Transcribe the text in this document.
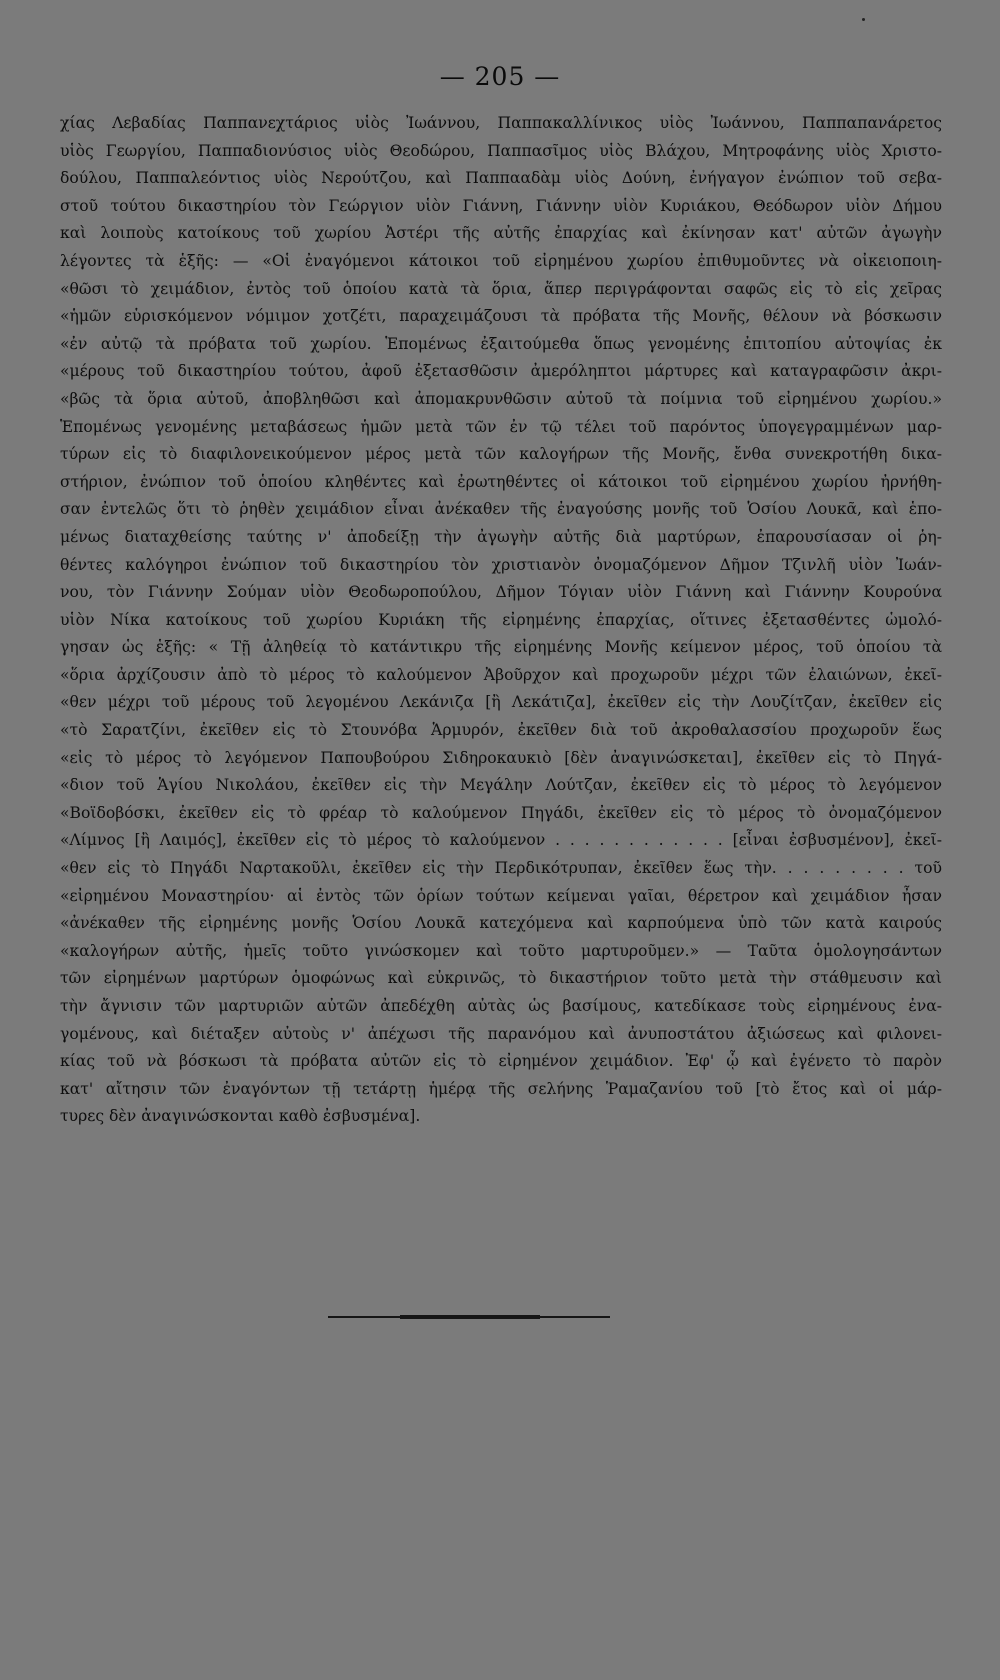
— 205 —
χίας Λεβαδίας Παππανεχτάριος υἱὸς Ἰωάννου, Παππακαλλίνικος υἱὸς Ἰωάννου, Παππαπανάρετος
υἱὸς Γεωργίου, Παππαδιονύσιος υἱὸς Θεοδώρου, Παππασῖμος υἱὸς Βλάχου, Μητροφάνης υἱὸς Χριστο-
δούλου, Παππαλεόντιος υἱὸς Νερούτζου, καὶ Παππααδὰμ υἱὸς Δούνη, ἐνήγαγον ἐνώπιον τοῦ σεβα-
στοῦ τούτου δικαστηρίου τὸν Γεώργιον υἱὸν Γιάννη, Γιάννην υἱὸν Κυριάκου, Θεόδωρον υἱὸν Δήμου
καὶ λοιποὺς κατοίκους τοῦ χωρίου Ἀστέρι τῆς αὐτῆς ἐπαρχίας καὶ ἐκίνησαν κατ' αὐτῶν ἀγωγὴν
λέγοντες τὰ ἑξῆς: — «Οἱ ἐναγόμενοι κάτοικοι τοῦ εἰρημένου χωρίου ἐπιθυμοῦντες νὰ οἰκειοποιη-
«θῶσι τὸ χειμάδιον, ἐντὸς τοῦ ὁποίου κατὰ τὰ ὅρια, ἅπερ περιγράφονται σαφῶς εἰς τὸ εἰς χεῖρας
«ἡμῶν εὑρισκόμενον νόμιμον χοτζέτι, παραχειμάζουσι τὰ πρόβατα τῆς Μονῆς, θέλουν νὰ βόσκωσιν
«ἐν αὐτῷ τὰ πρόβατα τοῦ χωρίου. Ἑπομένως ἐξαιτούμεθα ὅπως γενομένης ἐπιτοπίου αὐτοψίας ἐκ
«μέρους τοῦ δικαστηρίου τούτου, ἀφοῦ ἐξετασθῶσιν ἀμερόληπτοι μάρτυρες καὶ καταγραφῶσιν ἀκρι-
«βῶς τὰ ὅρια αὐτοῦ, ἀποβληθῶσι καὶ ἀπομακρυνθῶσιν αὐτοῦ τὰ ποίμνια τοῦ εἰρημένου χωρίου.»
Ἑπομένως γενομένης μεταβάσεως ἡμῶν μετὰ τῶν ἐν τῷ τέλει τοῦ παρόντος ὑπογεγραμμένων μαρ-
τύρων εἰς τὸ διαφιλονεικούμενον μέρος μετὰ τῶν καλογήρων τῆς Μονῆς, ἔνθα συνεκροτήθη δικα-
στήριον, ἐνώπιον τοῦ ὁποίου κληθέντες καὶ ἐρωτηθέντες οἱ κάτοικοι τοῦ εἰρημένου χωρίου ἠρνήθη-
σαν ἐντελῶς ὅτι τὸ ῥηθὲν χειμάδιον εἶναι ἀνέκαθεν τῆς ἐναγούσης μονῆς τοῦ Ὁσίου Λουκᾶ, καὶ ἑπο-
μένως διαταχθείσης ταύτης ν' ἀποδείξῃ τὴν ἀγωγὴν αὐτῆς διὰ μαρτύρων, ἐπαρουσίασαν οἱ ῥη-
θέντες καλόγηροι ἐνώπιον τοῦ δικαστηρίου τὸν χριστιανὸν ὀνομαζόμενον Δῆμον Τζινλῆ υἱὸν Ἰωάν-
νου, τὸν Γιάννην Σούμαν υἱὸν Θεοδωροπούλου, Δῆμον Τόγιαν υἱὸν Γιάννη καὶ Γιάννην Κουρούνα
υἱὸν Νίκα κατοίκους τοῦ χωρίου Κυριάκη τῆς εἰρημένης ἐπαρχίας, οἵτινες ἐξετασθέντες ὡμολό-
γησαν ὡς ἑξῆς: « Τῇ ἀληθείᾳ τὸ κατάντικρυ τῆς εἰρημένης Μονῆς κείμενον μέρος, τοῦ ὁποίου τὰ
«ὅρια ἀρχίζουσιν ἀπὸ τὸ μέρος τὸ καλούμενον Ἀβοῦρχον καὶ προχωροῦν μέχρι τῶν ἐλαιώνων, ἐκεῖ-
«θεν μέχρι τοῦ μέρους τοῦ λεγομένου Λεκάνιζα [ἢ Λεκάτιζα], ἐκεῖθεν εἰς τὴν Λουζίτζαν, ἐκεῖθεν εἰς
«τὸ Σαρατζίνι, ἐκεῖθεν εἰς τὸ Στουνόβα Ἁρμυρόν, ἐκεῖθεν διὰ τοῦ ἀκροθαλασσίου προχωροῦν ἕως
«εἰς τὸ μέρος τὸ λεγόμενον Παπουβούρου Σιδηροκαυκιὸ [δὲν ἀναγινώσκεται], ἐκεῖθεν εἰς τὸ Πηγά-
«διον τοῦ Ἁγίου Νικολάου, ἐκεῖθεν εἰς τὴν Μεγάλην Λούτζαν, ἐκεῖθεν εἰς τὸ μέρος τὸ λεγόμενον
«Βοϊδοβόσκι, ἐκεῖθεν εἰς τὸ φρέαρ τὸ καλούμενον Πηγάδι, ἐκεῖθεν εἰς τὸ μέρος τὸ ὀνομαζόμενον
«Λίμνος [ἢ Λαιμός], ἐκεῖθεν εἰς τὸ μέρος τὸ καλούμενον . . . . . . . . . . . . [εἶναι ἐσβυσμένον], ἐκεῖ-
«θεν εἰς τὸ Πηγάδι Ναρτακοῦλι, ἐκεῖθεν εἰς τὴν Περδικότρυπαν, ἐκεῖθεν ἕως τὴν. . . . . . . . . τοῦ
«εἰρημένου Μοναστηρίου· αἱ ἐντὸς τῶν ὁρίων τούτων κείμεναι γαῖαι, θέρετρον καὶ χειμάδιον ἦσαν
«ἀνέκαθεν τῆς εἰρημένης μονῆς Ὁσίου Λουκᾶ κατεχόμενα καὶ καρπούμενα ὑπὸ τῶν κατὰ καιρούς
«καλογήρων αὐτῆς, ἡμεῖς τοῦτο γινώσκομεν καὶ τοῦτο μαρτυροῦμεν.» — Ταῦτα ὁμολογησάντων
τῶν εἰρημένων μαρτύρων ὁμοφώνως καὶ εὐκρινῶς, τὸ δικαστήριον τοῦτο μετὰ τὴν στάθμευσιν καὶ
τὴν ἄγνισιν τῶν μαρτυριῶν αὐτῶν ἀπεδέχθη αὐτὰς ὡς βασίμους, κατεδίκασε τοὺς εἰρημένους ἐνα-
γομένους, καὶ διέταξεν αὐτοὺς ν' ἀπέχωσι τῆς παρανόμου καὶ ἀνυποστάτου ἀξιώσεως καὶ φιλονει-
κίας τοῦ νὰ βόσκωσι τὰ πρόβατα αὐτῶν εἰς τὸ εἰρημένον χειμάδιον. Ἐφ' ᾧ καὶ ἐγένετο τὸ παρὸν
κατ' αἴτησιν τῶν ἐναγόντων τῇ τετάρτῃ ἡμέρᾳ τῆς σελήνης Ῥαμαζανίου τοῦ [τὸ ἔτος καὶ οἱ μάρ-
τυρες δὲν ἀναγινώσκονται καθὸ ἐσβυσμένα].
